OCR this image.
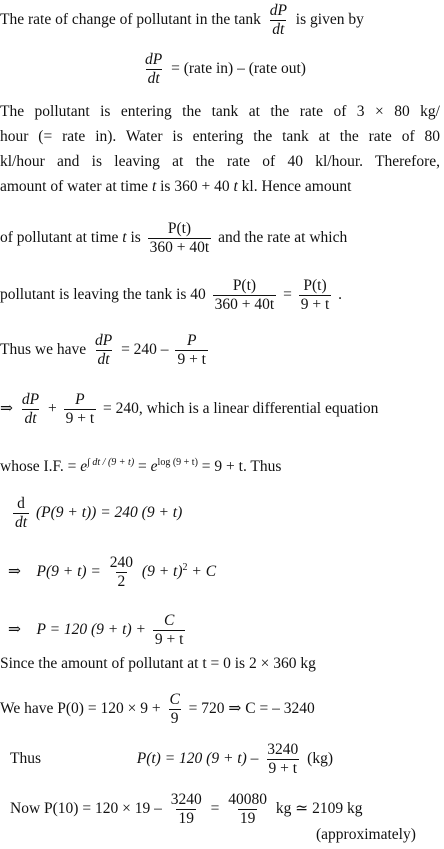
The rate of change of pollutant in the tank $\frac{dP}{dt}$ is given by
$\frac{dP}{dt}$ = (rate in) – (rate out)
The pollutant is entering the tank at the rate of 3 × 80 kg/
hour (= rate in). Water is entering the tank at the rate of 80
kl/hour and is leaving at the rate of 40 kl/hour. Therefore,
amount of water at time t is 360 + 40 t kl. Hence amount
of pollutant at time t is $\frac{P(t)}{360 + 40t}$ and the rate at which
pollutant is leaving the tank is $40 \frac{P(t)}{360 + 40t} = \frac{P(t)}{9 + t}$ .
Thus we have $\frac{dP}{dt} = 240 - \frac{P}{9 + t}$
⇒ $\frac{dP}{dt} + \frac{P}{9 + t} = 240$, which is a linear differential equation
whose I.F. = $e^{\int dt / (9 + t)} = e^{log (9 + t)} = 9 + t$. Thus
$\frac{d}{dt} (P(9 + t)) = 240$ (9 + t)
⇒ $P(9 + t) = \frac{240}{2} (9 + t)^2 + C$
⇒ P = 120 $(9 + t) + \frac{C}{9 + t}$
Since the amount of pollutant at t = 0 is 2 × 360 kg
We have $P(0) = 120 \times 9 + \frac{C}{9} = 720$ ⇒ C = – 3240
Thus	P(t) = 120 $(9 + t) - \frac{3240}{9 + t} (kg)$
Now $P(10) = 120 \times 19 - \frac{3240}{19} = \frac{40080}{19}$ kg ≃ 2109 kg
(approximately)
